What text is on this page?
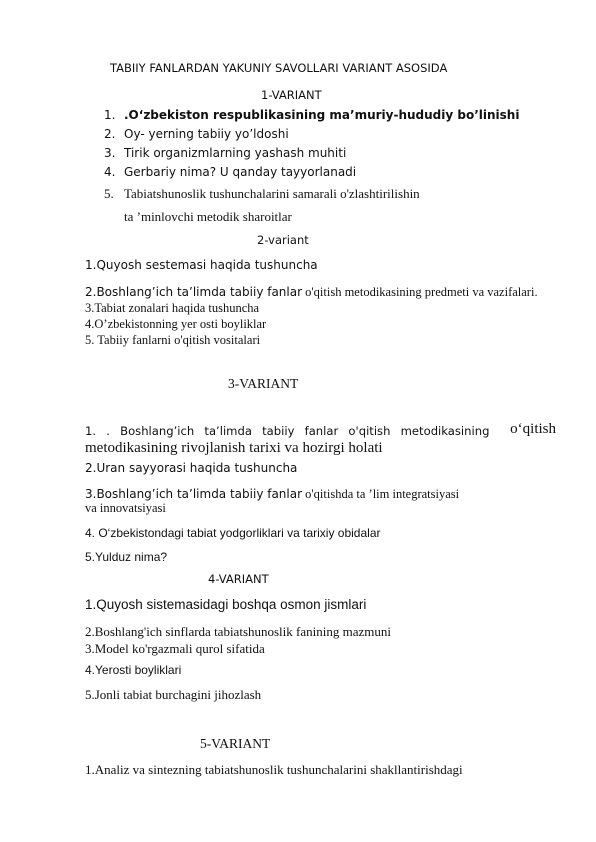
TABIIY FANLARDAN YAKUNIY SAVOLLARI VARIANT ASOSIDA
1-VARIANT
1. .O‘zbekiston respublikasining ma’muriy-hududiy bo’linishi
2. Oy- yerning tabiiy yo’ldoshi
3. Tirik organizmlarning yashash muhiti
4. Gerbariy nima? U qanday tayyorlanadi
5. Tabiatshunoslik tushunchalarini samarali o'zlashtirilishin
ta ’minlovchi metodik sharoitlar
2-variant
1.Quyosh sestemasi haqida tushuncha
2.Boshlang’ich ta’limda tabiiy fanlar o'qitish metodikasining predmeti va vazifalari.
3.Tabiat zonalari haqida tushuncha
4.O’zbekistonning yer osti boyliklar
5. Tabiiy fanlarni o'qitish vositalari
3-VARIANT
1. . Boshlang’ich ta’limda tabiiy fanlar o'qitish metodikasining o‘qitish
metodikasining rivojlanish tarixi va hozirgi holati
2.Uran sayyorasi haqida tushuncha
3.Boshlang’ich ta’limda tabiiy fanlar o'qitishda ta ’lim integratsiyasi
va innovatsiyasi
4. O‘zbekistondagi tabiat yodgorliklari va tarixiy obidalar
5.Yulduz nima?
4-VARIANT
1.Quyosh sistemasidagi boshqa osmon jismlari
2.Boshlang'ich sinflarda tabiatshunoslik fanining mazmuni
3.Model ko'rgazmali qurol sifatida
4.Yerosti boyliklari
5.Jonli tabiat burchagini jihozlash
5-VARIANT
1.Analiz va sintezning tabiatshunoslik tushunchalarini shakllantirishdagi
